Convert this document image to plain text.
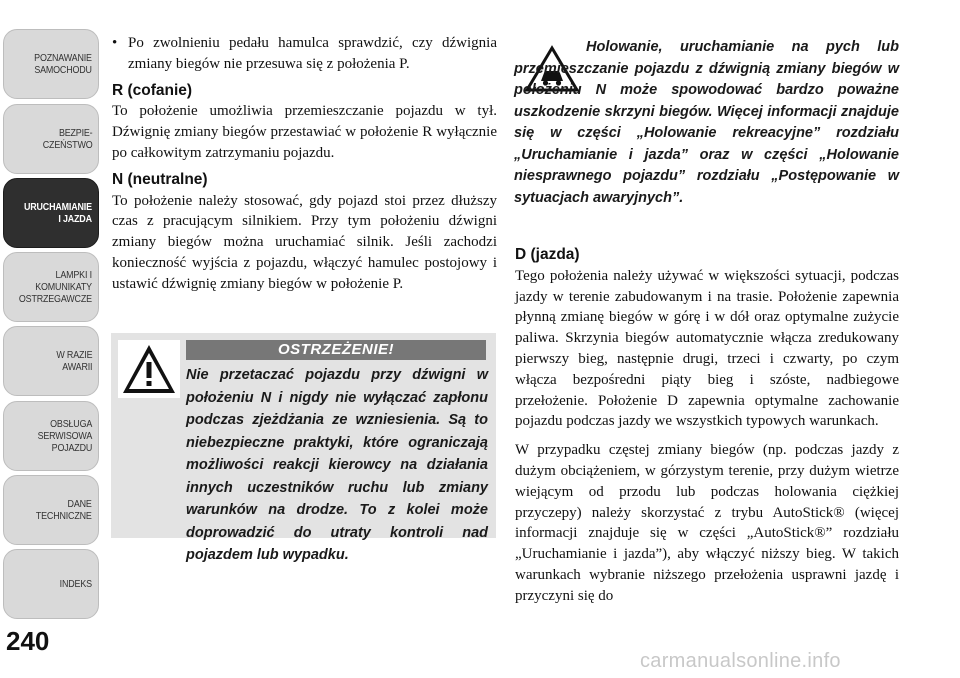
POZNAWANIE
SAMOCHODU
BEZPIE-
CZEŃSTWO
URUCHAMIANIE
I JAZDA
LAMPKI I
KOMUNIKATY
OSTRZEGAWCZE
W RAZIE
AWARII
OBSŁUGA
SERWISOWA
POJAZDU
DANE
TECHNICZNE
INDEKS
240
• Po zwolnieniu pedału hamulca sprawdzić, czy dźwignia zmiany biegów nie przesuwa się z położenia P.

R (cofanie)

To położenie umożliwia przemieszczanie pojazdu w tył. Dźwignię zmiany biegów przestawiać w położenie R wyłącznie po całkowitym zatrzymaniu pojazdu.

N (neutralne)

To położenie należy stosować, gdy pojazd stoi przez dłuższy czas z pracującym silnikiem. Przy tym położeniu dźwigni zmiany biegów można uruchamiać silnik. Jeśli zachodzi konieczność wyjścia z pojazdu, włączyć hamulec postojowy i ustawić dźwignię zmiany biegów w położenie P.

OSTRZEŻENIE!

Nie przetaczać pojazdu przy dźwigni w położeniu N i nigdy nie wyłączać zapłonu podczas zjeżdżania ze wzniesienia. Są to niebezpieczne praktyki, które ograniczają możliwości reakcji kierowcy na działania innych uczestników ruchu lub zmiany warunków na drodze. To z kolei może doprowadzić do utraty kontroli nad pojazdem lub wypadku.

Holowanie, uruchamianie na pych lub przemieszczanie pojazdu z dźwignią zmiany biegów w położeniu N może spowodować bardzo poważne uszkodzenie skrzyni biegów. Więcej informacji znajduje się w części „Holowanie rekreacyjne” rozdziału „Uruchamianie i jazda” oraz w części „Holowanie niesprawnego pojazdu” rozdziału „Postępowanie w sytuacjach awaryjnych”.

D (jazda)

Tego położenia należy używać w większości sytuacji, podczas jazdy w terenie zabudowanym i na trasie. Położenie zapewnia płynną zmianę biegów w górę i w dół oraz optymalne zużycie paliwa. Skrzynia biegów automatycznie włącza zredukowany pierwszy bieg, następnie drugi, trzeci i czwarty, po czym włącza bezpośredni piąty bieg i szóste, nadbiegowe przełożenie. Położenie D zapewnia optymalne zachowanie pojazdu podczas jazdy we wszystkich typowych warunkach.

W przypadku częstej zmiany biegów (np. podczas jazdy z dużym obciążeniem, w górzystym terenie, przy dużym wietrze wiejącym od przodu lub podczas holowania ciężkiej przyczepy) należy skorzystać z trybu AutoStick® (więcej informacji znajduje się w części „AutoStick®” rozdziału „Uruchamianie i jazda”), aby włączyć niższy bieg. W takich warunkach wybranie niższego przełożenia usprawni jazdę i przyczyni się do

carmanualsonline.info
